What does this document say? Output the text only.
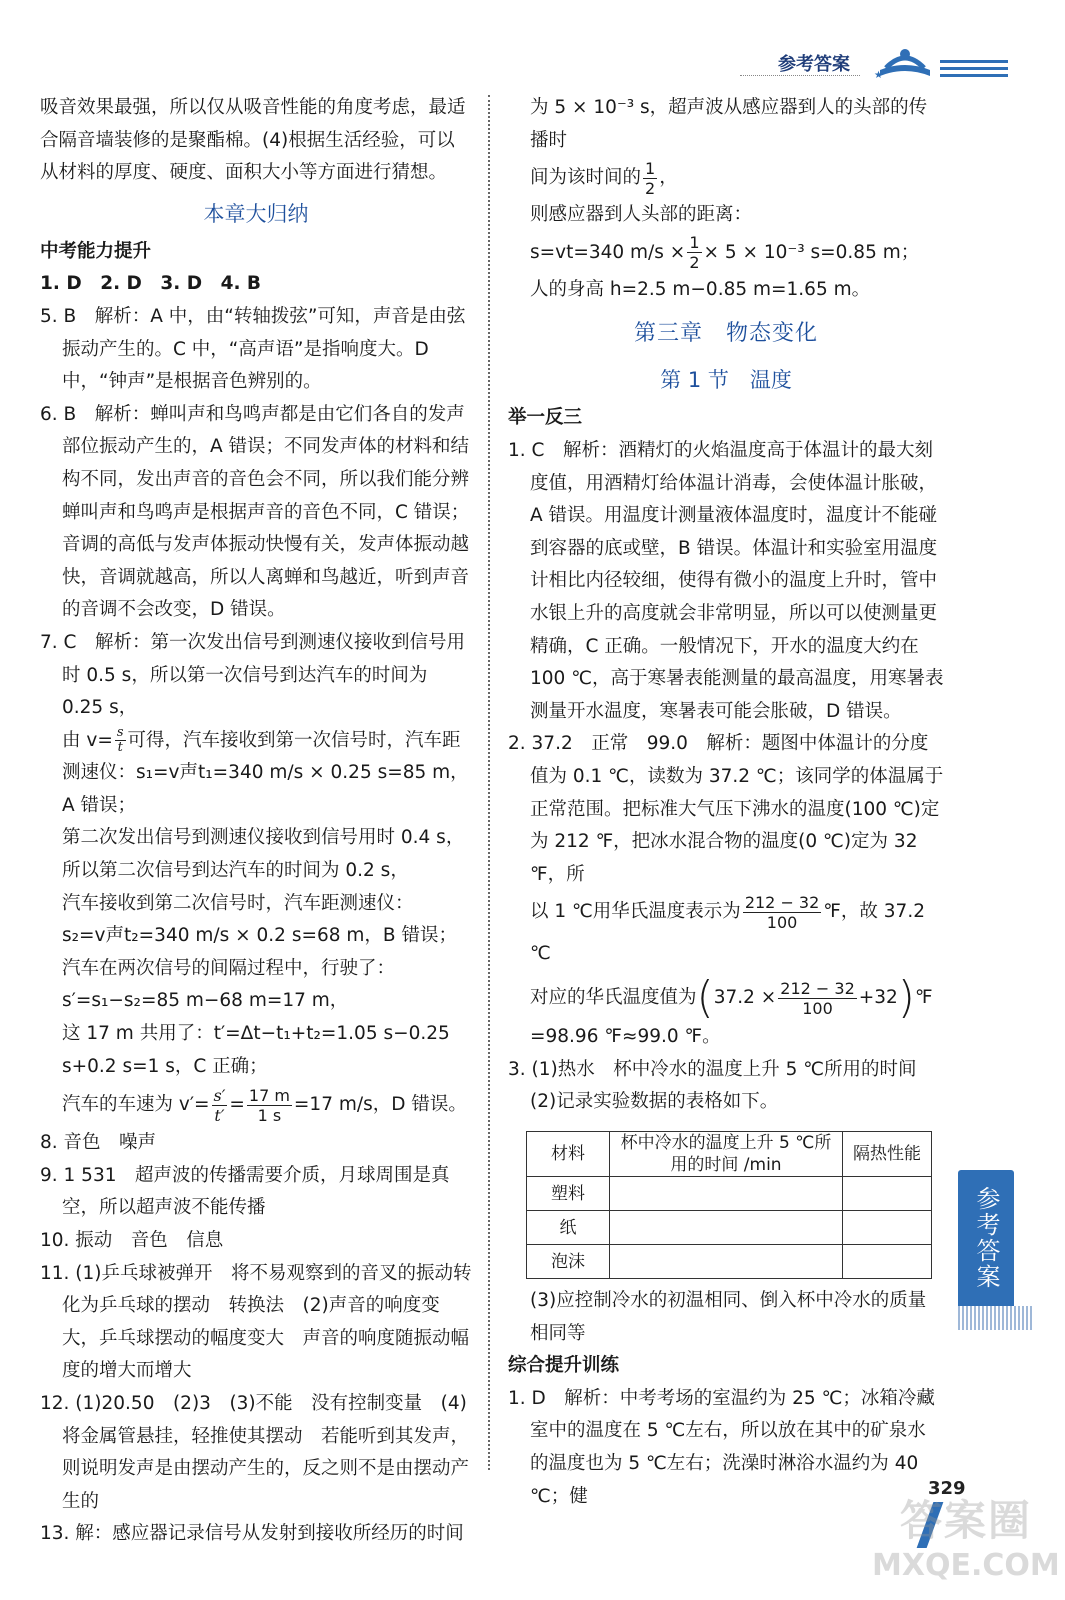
参考答案
★

吸音效果最强，所以仅从吸音性能的角度考虑，最适合隔音墙装修的是聚酯棉。(4)根据生活经验，可以从材料的厚度、硬度、面积大小等方面进行猜想。

本章大归纳

中考能力提升

1. D　2. D　3. D　4. B

5. B　解析：A 中，由“转轴拨弦”可知，声音是由弦振动产生的。C 中，“高声语”是指响度大。D 中，“钟声”是根据音色辨别的。

6. B　解析：蝉叫声和鸟鸣声都是由它们各自的发声部位振动产生的，A 错误；不同发声体的材料和结构不同，发出声音的音色会不同，所以我们能分辨蝉叫声和鸟鸣声是根据声音的音色不同，C 错误；音调的高低与发声体振动快慢有关，发声体振动越快，音调就越高，所以人离蝉和鸟越近，听到声音的音调不会改变，D 错误。

7. C　解析：第一次发出信号到测速仪接收到信号用时 0.5 s，所以第一次信号到达汽车的时间为 0.25 s，

由 $v= \frac{s}{t}$ 可得，汽车接收到第一次信号时，汽车距测速仪：s₁=v声t₁=340 m/s × 0.25 s=85 m，A 错误；

第二次发出信号到测速仪接收到信号用时 0.4 s，所以第二次信号到达汽车的时间为 0.2 s，

汽车接收到第二次信号时，汽车距测速仪：

s₂=v声t₂=340 m/s × 0.2 s=68 m，B 错误；

汽车在两次信号的间隔过程中，行驶了：

s′=s₁−s₂=85 m−68 m=17 m，

这 17 m 共用了：t′=Δt−t₁+t₂=1.05 s−0.25 s+0.2 s=1 s，C 正确；

汽车的车速为 $v'= \frac{s'}{t'} = \frac{17 m}{1 s} =17$ m/s，D 错误。

8. 音色　噪声

9. 1 531　超声波的传播需要介质，月球周围是真空，所以超声波不能传播

10. 振动　音色　信息

11. (1)乒乓球被弹开　将不易观察到的音叉的振动转化为乒乓球的摆动　转换法　(2)声音的响度变大，乒乓球摆动的幅度变大　声音的响度随振动幅度的增大而增大

12. (1)20.50　(2)3　(3)不能　没有控制变量　(4)将金属管悬挂，轻推使其摆动　若能听到其发声，则说明发声是由摆动产生的，反之则不是由摆动产生的

13. 解：感应器记录信号从发射到接收所经历的时间

为 5 × 10⁻³ s，超声波从感应器到人的头部的传播时

间为该时间的 $\frac{1}{2}$ ，

则感应器到人头部的距离：

s=vt=340 $m/s \times \frac{1}{2} \times 5 \times 10^{-3}$ s=0.85 m；

人的身高 h=2.5 m−0.85 m=1.65 m。

第三章　物态变化
第 1 节　温度

举一反三

1. C　解析：酒精灯的火焰温度高于体温计的最大刻度值，用酒精灯给体温计消毒，会使体温计胀破，A 错误。用温度计测量液体温度时，温度计不能碰到容器的底或壁，B 错误。体温计和实验室用温度计相比内径较细，使得有微小的温度上升时，管中水银上升的高度就会非常明显，所以可以使测量更精确，C 正确。一般情况下，开水的温度大约在 100 ℃，高于寒暑表能测量的最高温度，用寒暑表测量开水温度，寒暑表可能会胀破，D 错误。

2. 37.2　正常　99.0　解析：题图中体温计的分度值为 0.1 ℃，读数为 37.2 ℃；该同学的体温属于正常范围。把标准大气压下沸水的温度(100 ℃)定为 212 ℉，把冰水混合物的温度(0 ℃)定为 32 ℉，所

以 1 ℃用华氏温度表示为 $\frac{212 - 32}{100}$ ℉，故 37.2 ℃

对应的华氏温度值为($37.2 \times \frac{212 - 32}{100}$ +32)℉

=98.96 ℉≈99.0 ℉。

3. (1)热水　杯中冷水的温度上升 5 ℃所用的时间

(2)记录实验数据的表格如下。

材料	杯中冷水的温度上升 5 ℃所用的时间 /min	隔热性能
塑料		
纸		
泡沫		

(3)应控制冷水的初温相同、倒入杯中冷水的质量相同等

综合提升训练

1. D　解析：中考考场的室温约为 25 ℃；冰箱冷藏室中的温度在 5 ℃左右，所以放在其中的矿泉水的温度也为 5 ℃左右；洗澡时淋浴水温约为 40 ℃；健

参考答案
329
答案圈
MXQE.COM
